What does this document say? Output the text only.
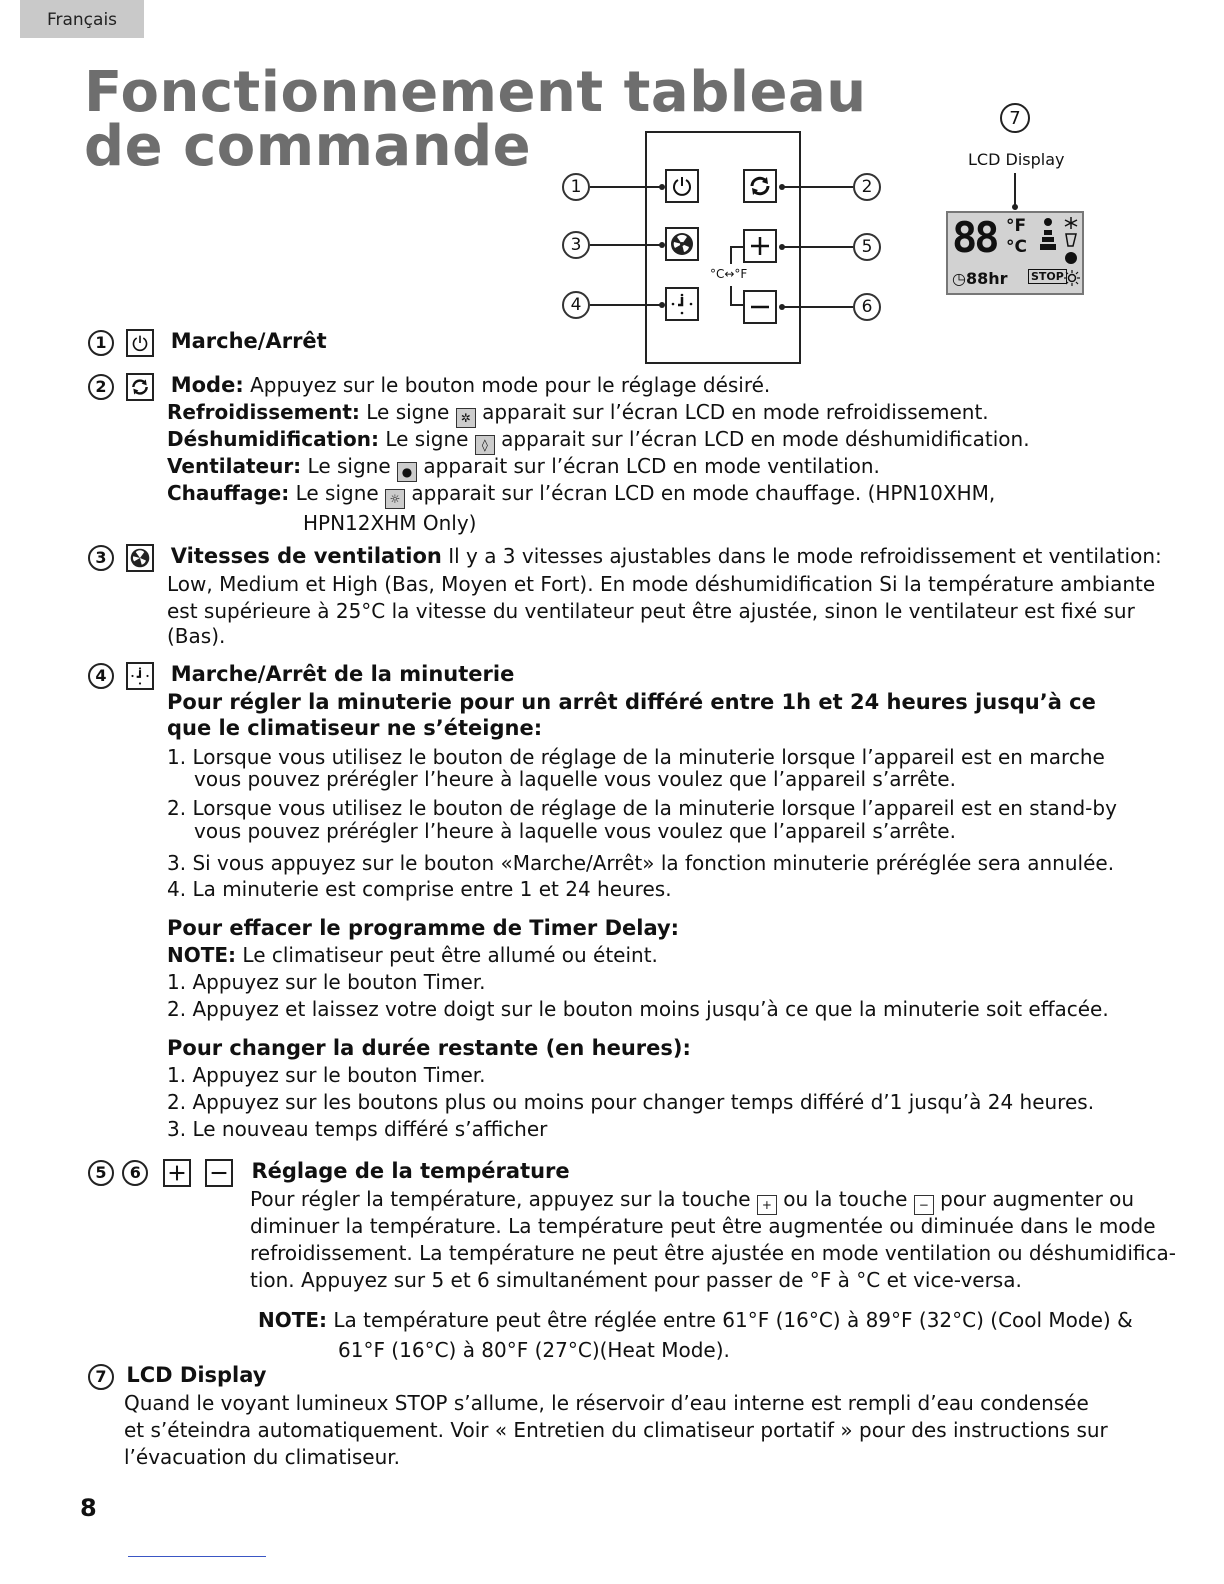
Français
Fonctionnement tableau
de commande
1	2
3	5
°C↔°F
4	6
7
LCD Display
88 °F
°C
◷88hr STOP
1	Marche/Arrêt
2	Mode: Appuyez sur le bouton mode pour le réglage désiré.
Refroidissement: Le signe ✲ apparait sur l’écran LCD en mode refroidissement.
Déshumidification: Le signe ◊ apparait sur l’écran LCD en mode déshumidification.
Ventilateur: Le signe ● apparait sur l’écran LCD en mode ventilation.
Chauffage: Le signe ☼ apparait sur l’écran LCD en mode chauffage. (HPN10XHM,
HPN12XHM Only)
3	Vitesses de ventilation Il y a 3 vitesses ajustables dans le mode refroidissement et ventilation:
Low, Medium et High (Bas, Moyen et Fort). En mode déshumidification Si la température ambiante
est supérieure à 25°C la vitesse du ventilateur peut être ajustée, sinon le ventilateur est fixé sur
(Bas).
4	Marche/Arrêt de la minuterie
Pour régler la minuterie pour un arrêt différé entre 1h et 24 heures jusqu’à ce
que le climatiseur ne s’éteigne:
1. Lorsque vous utilisez le bouton de réglage de la minuterie lorsque l’appareil est en marche
vous pouvez prérégler l’heure à laquelle vous voulez que l’appareil s’arrête.
2. Lorsque vous utilisez le bouton de réglage de la minuterie lorsque l’appareil est en stand-by
vous pouvez prérégler l’heure à laquelle vous voulez que l’appareil s’arrête.
3. Si vous appuyez sur le bouton «Marche/Arrêt» la fonction minuterie préréglée sera annulée.
4. La minuterie est comprise entre 1 et 24 heures.
Pour effacer le programme de Timer Delay:
NOTE: Le climatiseur peut être allumé ou éteint.
1. Appuyez sur le bouton Timer.
2. Appuyez et laissez votre doigt sur le bouton moins jusqu’à ce que la minuterie soit effacée.
Pour changer la durée restante (en heures):
1. Appuyez sur le bouton Timer.
2. Appuyez sur les boutons plus ou moins pour changer temps différé d’1 jusqu’à 24 heures.
3. Le nouveau temps différé s’afficher
5 6
	Réglage de la température
Pour régler la température, appuyez sur la touche + ou la touche − pour augmenter ou
diminuer la température. La température peut être augmentée ou diminuée dans le mode
refroidissement. La température ne peut être ajustée en mode ventilation ou déshumidifica-
tion. Appuyez sur 5 et 6 simultanément pour passer de °F à °C et vice-versa.
NOTE: La température peut être réglée entre 61°F (16°C) à 89°F (32°C) (Cool Mode) &
61°F (16°C) à 80°F (27°C)(Heat Mode).
7 LCD Display
Quand le voyant lumineux STOP s’allume, le réservoir d’eau interne est rempli d’eau condensée
et s’éteindra automatiquement. Voir « Entretien du climatiseur portatif » pour des instructions sur
l’évacuation du climatiseur.
8
